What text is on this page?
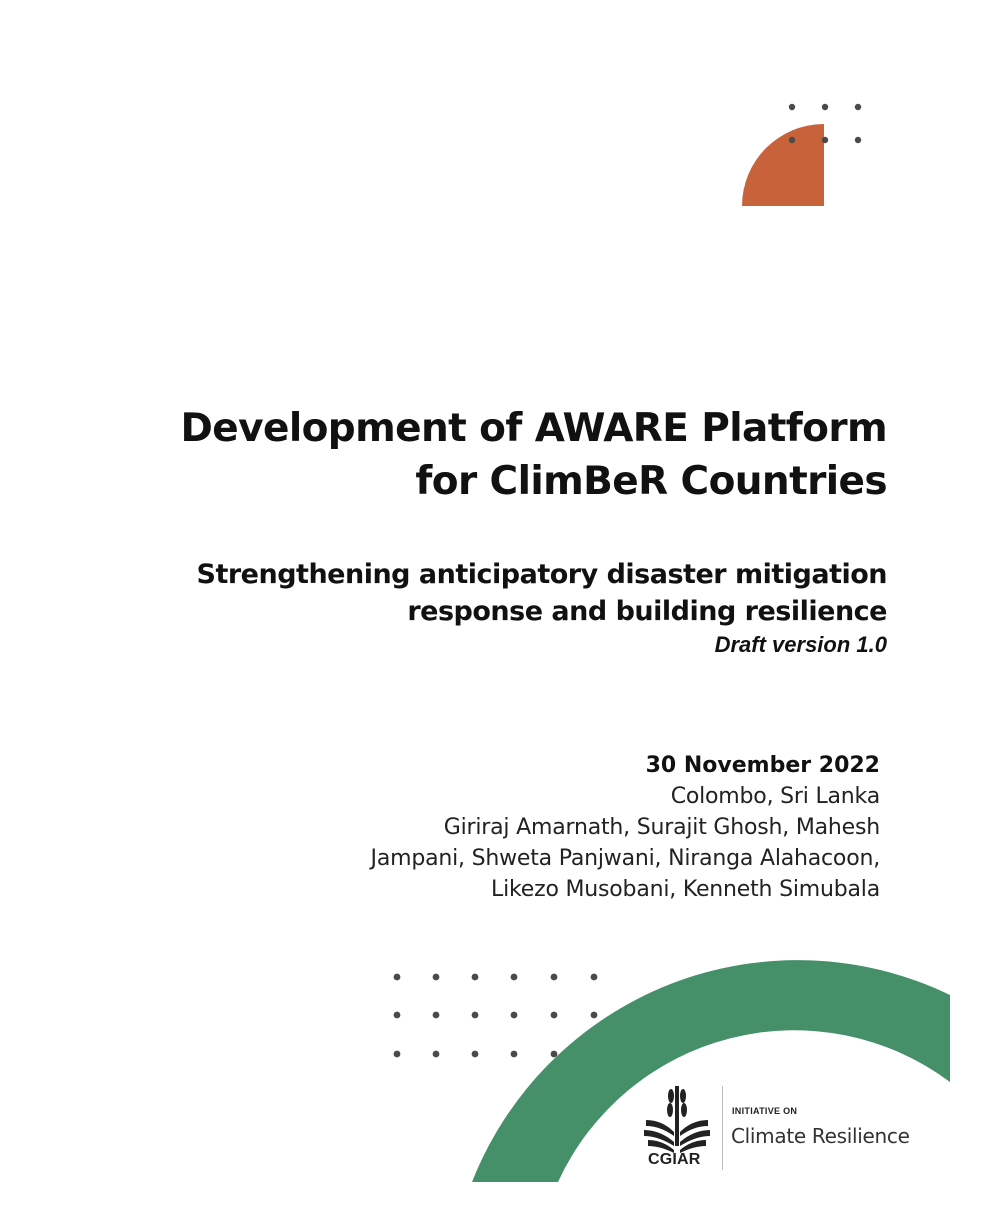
Development of AWARE Platform
for ClimBeR Countries
Strengthening anticipatory disaster mitigation
response and building resilience

Draft version 1.0

30 November 2022
Colombo, Sri Lanka
Giriraj Amarnath, Surajit Ghosh, Mahesh
Jampani, Shweta Panjwani, Niranga Alahacoon,
Likezo Musobani, Kenneth Simubala
CGIAR
INITIATIVE ON
Climate Resilience
